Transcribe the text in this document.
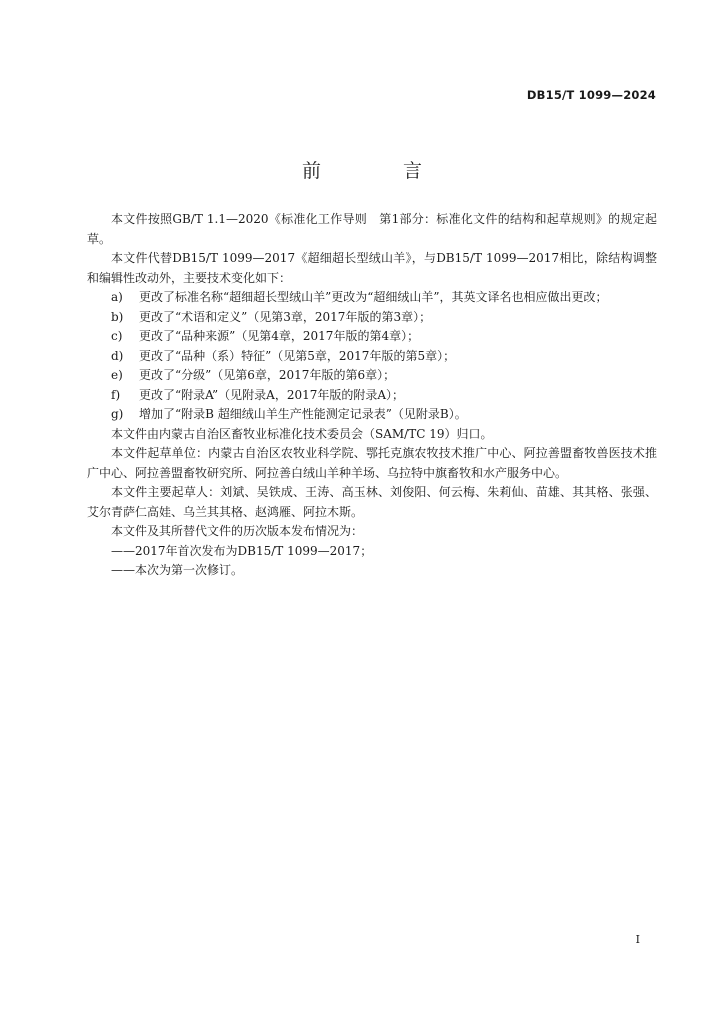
DB15/T 1099—2024
前 言

本文件按照GB/T 1.1—2020《标准化工作导则　第1部分：标准化文件的结构和起草规则》的规定起草。

本文件代替DB15/T 1099—2017《超细超长型绒山羊》，与DB15/T 1099—2017相比，除结构调整和编辑性改动外，主要技术变化如下：

a)	更改了标准名称“超细超长型绒山羊”更改为“超细绒山羊”，其英文译名也相应做出更改；
b)	更改了“术语和定义”（见第3章，2017年版的第3章）；
c)	更改了“品种来源”（见第4章，2017年版的第4章）；
d)	更改了“品种（系）特征”（见第5章，2017年版的第5章）；
e)	更改了“分级”（见第6章，2017年版的第6章）；
f)	更改了“附录A”（见附录A，2017年版的附录A）；
g)	增加了“附录B 超细绒山羊生产性能测定记录表”（见附录B）。

本文件由内蒙古自治区畜牧业标准化技术委员会（SAM/TC 19）归口。

本文件起草单位：内蒙古自治区农牧业科学院、鄂托克旗农牧技术推广中心、阿拉善盟畜牧兽医技术推广中心、阿拉善盟畜牧研究所、阿拉善白绒山羊种羊场、乌拉特中旗畜牧和水产服务中心。

本文件主要起草人：刘斌、吴铁成、王涛、高玉林、刘俊阳、何云梅、朱莉仙、苗雄、其其格、张强、艾尔青萨仁高娃、乌兰其其格、赵鸿雁、阿拉木斯。

本文件及其所替代文件的历次版本发布情况为：

——2017年首次发布为DB15/T 1099—2017；

——本次为第一次修订。

I
